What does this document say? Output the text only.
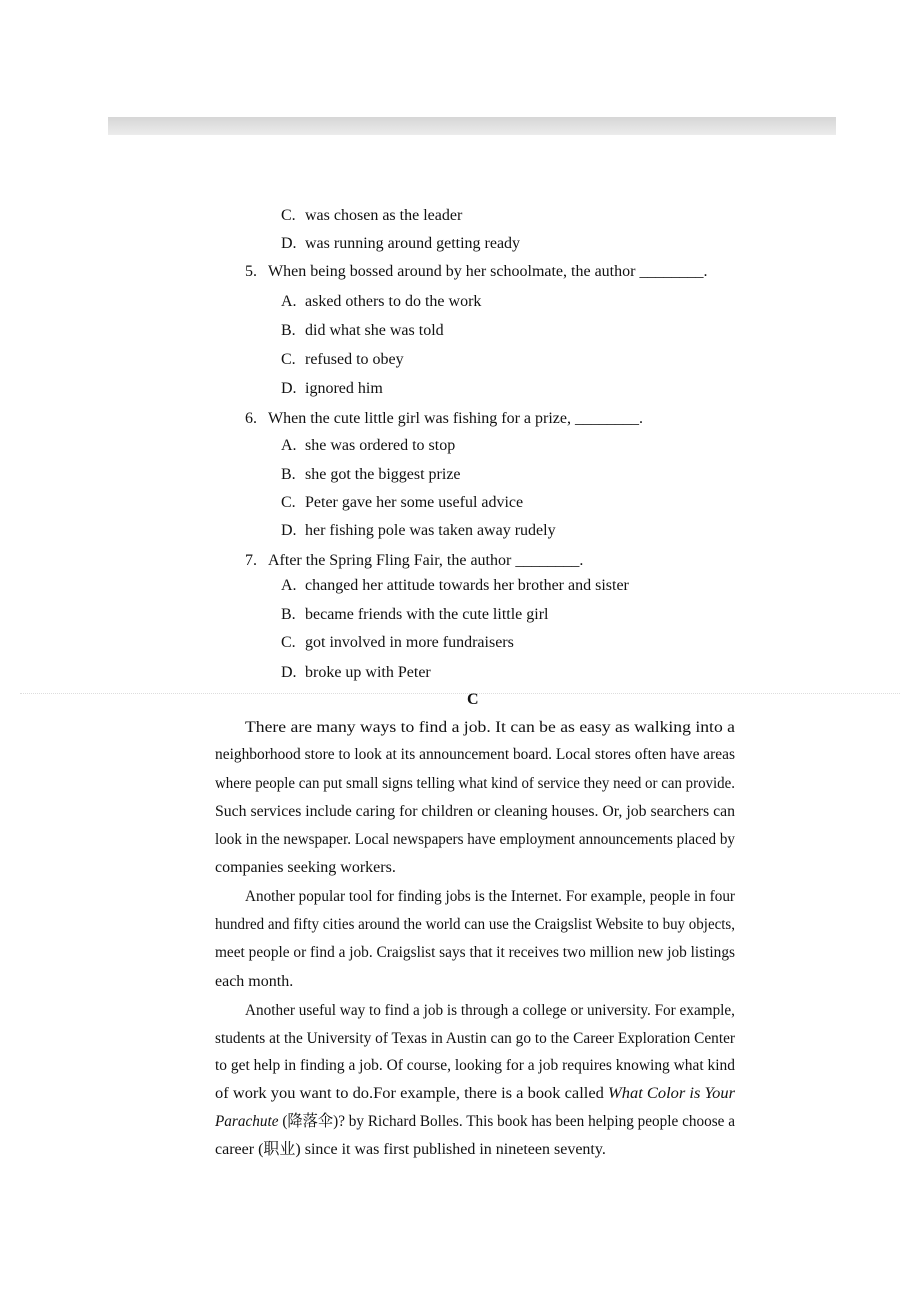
C. was chosen as the leader
D. was running around getting ready
5. When being bossed around by her schoolmate, the author ________.
A. asked others to do the work
B. did what she was told
C. refused to obey
D. ignored him
6. When the cute little girl was fishing for a prize, ________.
A. she was ordered to stop
B. she got the biggest prize
C. Peter gave her some useful advice
D. her fishing pole was taken away rudely
7. After the Spring Fling Fair, the author ________.
A. changed her attitude towards her brother and sister
B. became friends with the cute little girl
C. got involved in more fundraisers
D. broke up with Peter
C
There are many ways to find a job. It can be as easy as walking into a
neighborhood store to look at its announcement board. Local stores often have areas
where people can put small signs telling what kind of service they need or can provide.
Such services include caring for children or cleaning houses. Or, job searchers can
look in the newspaper. Local newspapers have employment announcements placed by
companies seeking workers.
Another popular tool for finding jobs is the Internet. For example, people in four
hundred and fifty cities around the world can use the Craigslist Website to buy objects,
meet people or find a job. Craigslist says that it receives two million new job listings
each month.
Another useful way to find a job is through a college or university. For example,
students at the University of Texas in Austin can go to the Career Exploration Center
to get help in finding a job. Of course, looking for a job requires knowing what kind
of work you want to do.For example, there is a book called What Color is Your
Parachute (降落伞)? by Richard Bolles. This book has been helping people choose a
career (职业) since it was first published in nineteen seventy.
